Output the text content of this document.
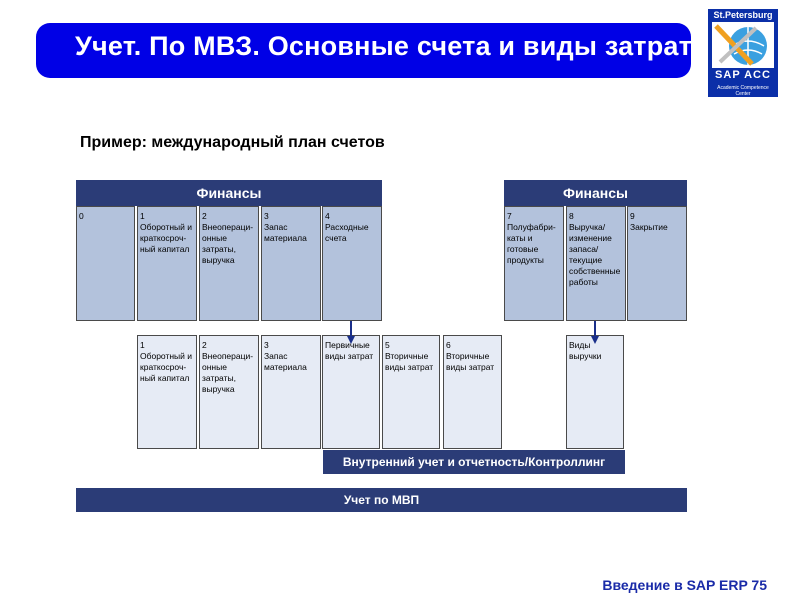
Учет. По МВЗ. Основные счета и виды затрат
St.Petersburg
SAP ACC
Academic Competence Center
Пример: международный план счетов
Финансы	Финансы
0	1
Оборотный и краткосроч-ный капитал
2
Внеопераци-онные затраты, выручка
3
Запас материала
4
Расходные счета
7
Полуфабри-каты и готовые продукты
8
Выручка/ изменение запаса/ текущие собственные работы
9
Закрытие
1
Оборотный и краткосроч-ный капитал
2
Внеопераци-онные затраты, выручка
3
Запас материала
Первичные виды затрат
5
Вторичные виды затрат
6
Вторичные виды затрат
Виды выручки
Внутренний учет и отчетность/Контроллинг
Учет по МВП
Введение в SAP ERP 75
